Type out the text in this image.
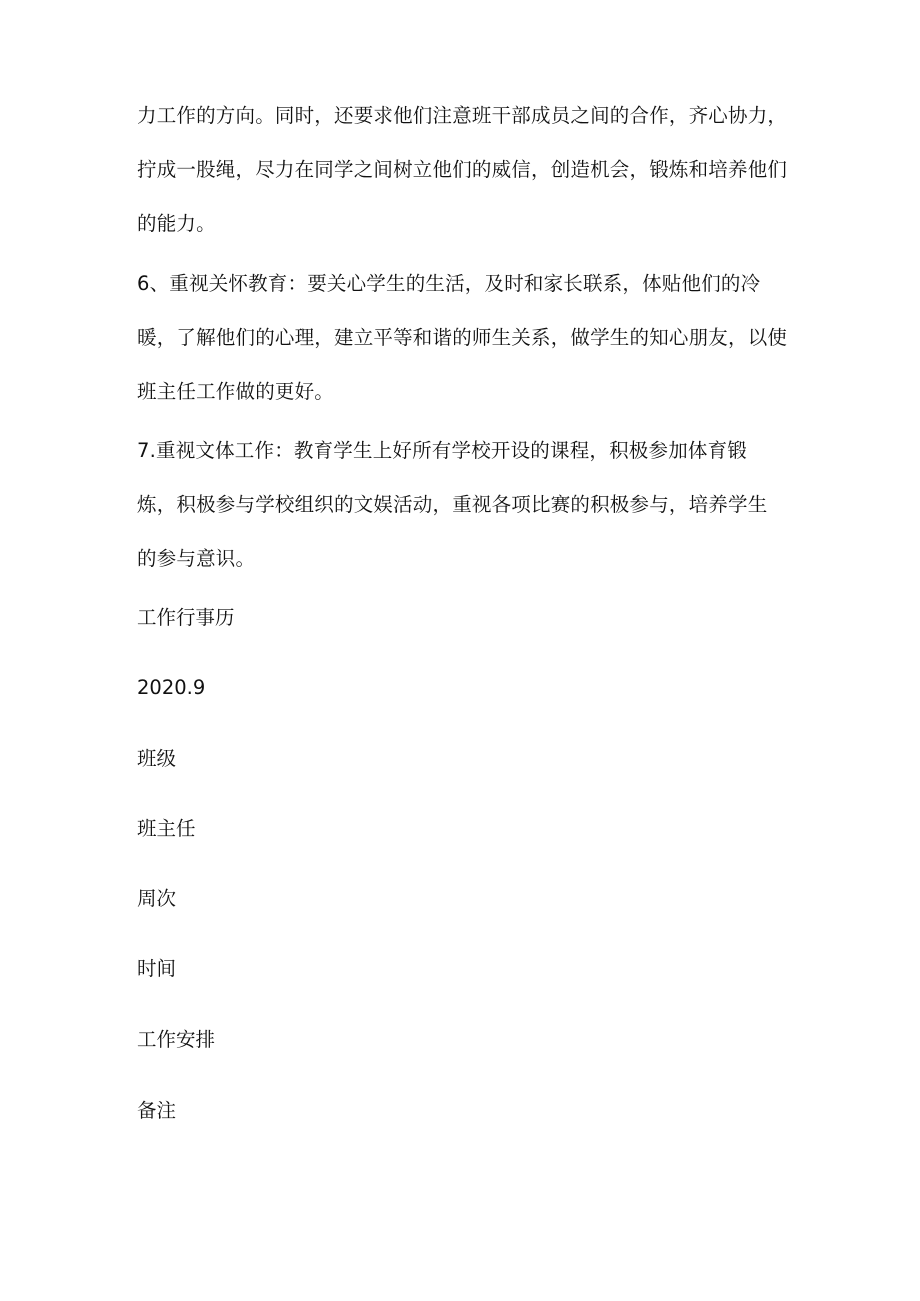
力工作的方向。同时，还要求他们注意班干部成员之间的合作，齐心协力，
拧成一股绳，尽力在同学之间树立他们的威信，创造机会，锻炼和培养他们
的能力。
6、重视关怀教育：要关心学生的生活，及时和家长联系，体贴他们的冷
暖，了解他们的心理，建立平等和谐的师生关系，做学生的知心朋友，以使
班主任工作做的更好。
7.重视文体工作：教育学生上好所有学校开设的课程，积极参加体育锻
炼，积极参与学校组织的文娱活动，重视各项比赛的积极参与，培养学生
的参与意识。

工作行事历

2020.9

班级

班主任

周次

时间

工作安排

备注
